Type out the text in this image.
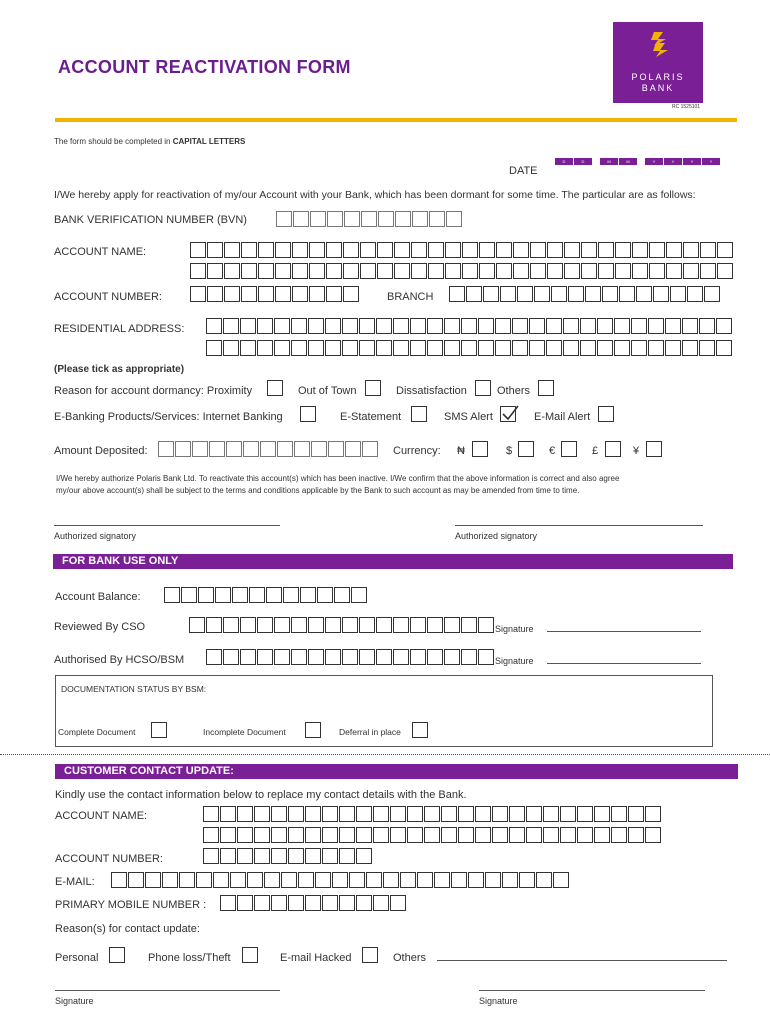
ACCOUNT REACTIVATION FORM	POLARIS
BANK
RC 1525101
The form should be completed in CAPITAL LETTERS
D	D	M	M	Y	Y	Y	Y
DATE
I/We hereby apply for reactivation of my/our Account with your Bank, which has been dormant for some time. The particular are as follows:
BANK VERIFICATION NUMBER (BVN)
ACCOUNT NAME:
ACCOUNT NUMBER:	BRANCH
RESIDENTIAL ADDRESS:
(Please tick as appropriate)
Reason for account dormancy: Proximity	Out of Town	Dissatisfaction	Others
E-Banking Products/Services: Internet Banking	E-Statement	SMS Alert	E-Mail Alert
Amount Deposited:	Currency: ₦	$	€	£	¥
I/We hereby authorize Polaris Bank Ltd. To reactivate this account(s) which has been inactive. I/We confirm that the above information is correct and also agree
my/our above account(s) shall be subject to the terms and conditions applicable by the Bank to such account as may be amended from time to time.
Authorized signatory	Authorized signatory
FOR BANK USE ONLY
Account Balance:
Reviewed By CSO	Signature
Authorised By HCSO/BSM	Signature
DOCUMENTATION STATUS BY BSM:
Complete Document	Incomplete Document	Deferral in place
CUSTOMER CONTACT UPDATE:
Kindly use the contact information below to replace my contact details with the Bank.
ACCOUNT NAME:
ACCOUNT NUMBER:
E-MAIL:
PRIMARY MOBILE NUMBER :
Reason(s) for contact update:
Personal	Phone loss/Theft	E-mail Hacked	Others
Signature	Signature
